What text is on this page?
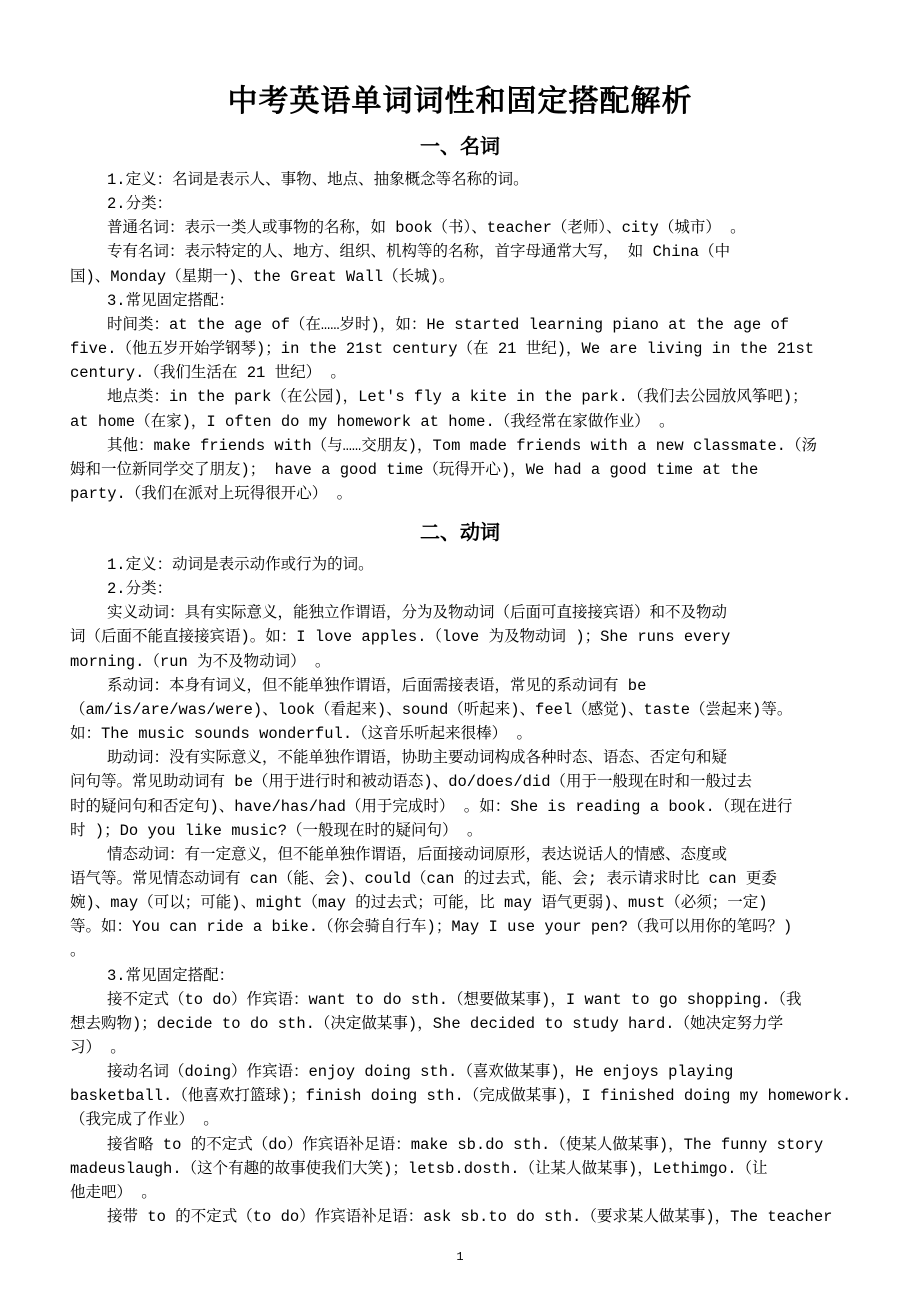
中考英语单词词性和固定搭配解析
一、名词
1.定义：名词是表示人、事物、地点、抽象概念等名称的词。
2.分类：
普通名词：表示一类人或事物的名称，如 book（书）、teacher（老师）、city（城市） 。
专有名词：表示特定的人、地方、组织、机构等的名称，首字母通常大写， 如 China（中
国)、Monday（星期一)、the Great Wall（长城)。
3.常见固定搭配：
时间类：at the age of（在……岁时)，如：He started learning piano at the age of
five.（他五岁开始学钢琴)；in the 21st century（在 21 世纪)，We are living in the 21st
century.（我们生活在 21 世纪） 。
地点类：in the park（在公园)，Let's fly a kite in the park.（我们去公园放风筝吧)；
at home（在家)，I often do my homework at home.（我经常在家做作业） 。
其他：make friends with（与……交朋友)，Tom made friends with a new classmate.（汤
姆和一位新同学交了朋友)； have a good time（玩得开心)，We had a good time at the
party.（我们在派对上玩得很开心） 。
二、动词
1.定义：动词是表示动作或行为的词。
2.分类：
实义动词：具有实际意义，能独立作谓语，分为及物动词（后面可直接接宾语）和不及物动
词（后面不能直接接宾语)。如：I love apples.（love 为及物动词 )；She runs every
morning.（run 为不及物动词） 。
系动词：本身有词义，但不能单独作谓语，后面需接表语，常见的系动词有 be
（am/is/are/was/were)、look（看起来)、sound（听起来)、feel（感觉)、taste（尝起来)等。
如：The music sounds wonderful.（这音乐听起来很棒） 。
助动词：没有实际意义，不能单独作谓语，协助主要动词构成各种时态、语态、否定句和疑
问句等。常见助动词有 be（用于进行时和被动语态)、do/does/did（用于一般现在时和一般过去
时的疑问句和否定句)、have/has/had（用于完成时） 。如：She is reading a book.（现在进行
时 )；Do you like music?（一般现在时的疑问句） 。
情态动词：有一定意义，但不能单独作谓语，后面接动词原形，表达说话人的情感、态度或
语气等。常见情态动词有 can（能、会)、could（can 的过去式，能、会; 表示请求时比 can 更委
婉)、may（可以；可能)、might（may 的过去式；可能，比 may 语气更弱)、must（必须；一定)
等。如：You can ride a bike.（你会骑自行车)；May I use your pen?（我可以用你的笔吗？)
。
3.常见固定搭配：
接不定式（to do）作宾语：want to do sth.（想要做某事)，I want to go shopping.（我
想去购物)；decide to do sth.（决定做某事)，She decided to study hard.（她决定努力学
习） 。
接动名词（doing）作宾语：enjoy doing sth.（喜欢做某事)，He enjoys playing
basketball.（他喜欢打篮球)；finish doing sth.（完成做某事)，I finished doing my homework.
（我完成了作业） 。
接省略 to 的不定式（do）作宾语补足语：make sb.do sth.（使某人做某事)，The funny story
madeuslaugh.（这个有趣的故事使我们大笑)；letsb.dosth.（让某人做某事)，Lethimgo.（让
他走吧） 。
接带 to 的不定式（to do）作宾语补足语：ask sb.to do sth.（要求某人做某事)，The teacher
1
